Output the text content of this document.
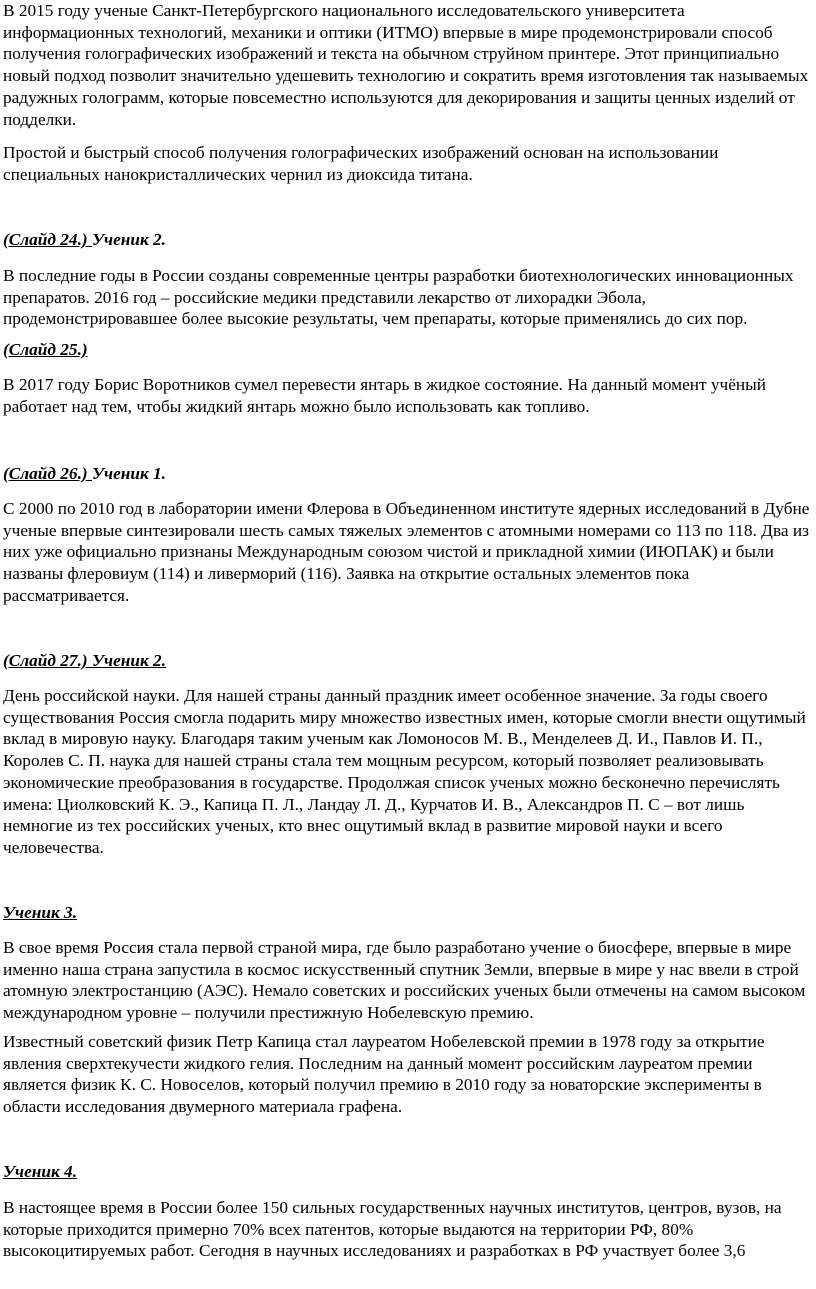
В 2015 году ученые Санкт-Петербургского национального исследовательского университета информационных технологий, механики и оптики (ИТМО) впервые в мире продемонстрировали способ получения голографических изображений и текста на обычном струйном принтере. Этот принципиально новый подход позволит значительно удешевить технологию и сократить время изготовления так называемых радужных голограмм, которые повсеместно используются для декорирования и защиты ценных изделий от подделки.

Простой и быстрый способ получения голографических изображений основан на использовании специальных нанокристаллических чернил из диоксида титана.

(Слайд 24.) Ученик 2.

В последние годы в России созданы современные центры разработки биотехнологических инновационных препаратов. 2016 год – российские медики представили лекарство от лихорадки Эбола, продемонстрировавшее более высокие результаты, чем препараты, которые применялись до сих пор.

(Слайд 25.)

В 2017 году Борис Воротников сумел перевести янтарь в жидкое состояние. На данный момент учёный работает над тем, чтобы жидкий янтарь можно было использовать как топливо.

(Слайд 26.) Ученик 1.

С 2000 по 2010 год в лаборатории имени Флерова в Объединенном институте ядерных исследований в Дубне ученые впервые синтезировали шесть самых тяжелых элементов с атомными номерами со 113 по 118. Два из них уже официально признаны Международным союзом чистой и прикладной химии (ИЮПАК) и были названы флеровиум (114) и ливерморий (116). Заявка на открытие остальных элементов пока рассматривается.

(Слайд 27.) Ученик 2.

День российской науки. Для нашей страны данный праздник имеет особенное значение. За годы своего существования Россия смогла подарить миру множество известных имен, которые смогли внести ощутимый вклад в мировую науку. Благодаря таким ученым как Ломоносов М. В., Менделеев Д. И., Павлов И. П., Королев С. П. наука для нашей страны стала тем мощным ресурсом, который позволяет реализовывать экономические преобразования в государстве. Продолжая список ученых можно бесконечно перечислять имена: Циолковский К. Э., Капица П. Л., Ландау Л. Д., Курчатов И. В., Александров П. С – вот лишь немногие из тех российских ученых, кто внес ощутимый вклад в развитие мировой науки и всего человечества.

Ученик 3.

В свое время Россия стала первой страной мира, где было разработано учение о биосфере, впервые в мире именно наша страна запустила в космос искусственный спутник Земли, впервые в мире у нас ввели в строй атомную электростанцию (АЭС). Немало советских и российских ученых были отмечены на самом высоком международном уровне – получили престижную Нобелевскую премию.

Известный советский физик Петр Капица стал лауреатом Нобелевской премии в 1978 году за открытие явления сверхтекучести жидкого гелия. Последним на данный момент российским лауреатом премии является физик К. С. Новоселов, который получил премию в 2010 году за новаторские эксперименты в области исследования двумерного материала графена.

Ученик 4.

В настоящее время в России более 150 сильных государственных научных институтов, центров, вузов, на которые приходится примерно 70% всех патентов, которые выдаются на территории РФ, 80% высокоцитируемых работ. Сегодня в научных исследованиях и разработках в РФ участвует более 3,6
